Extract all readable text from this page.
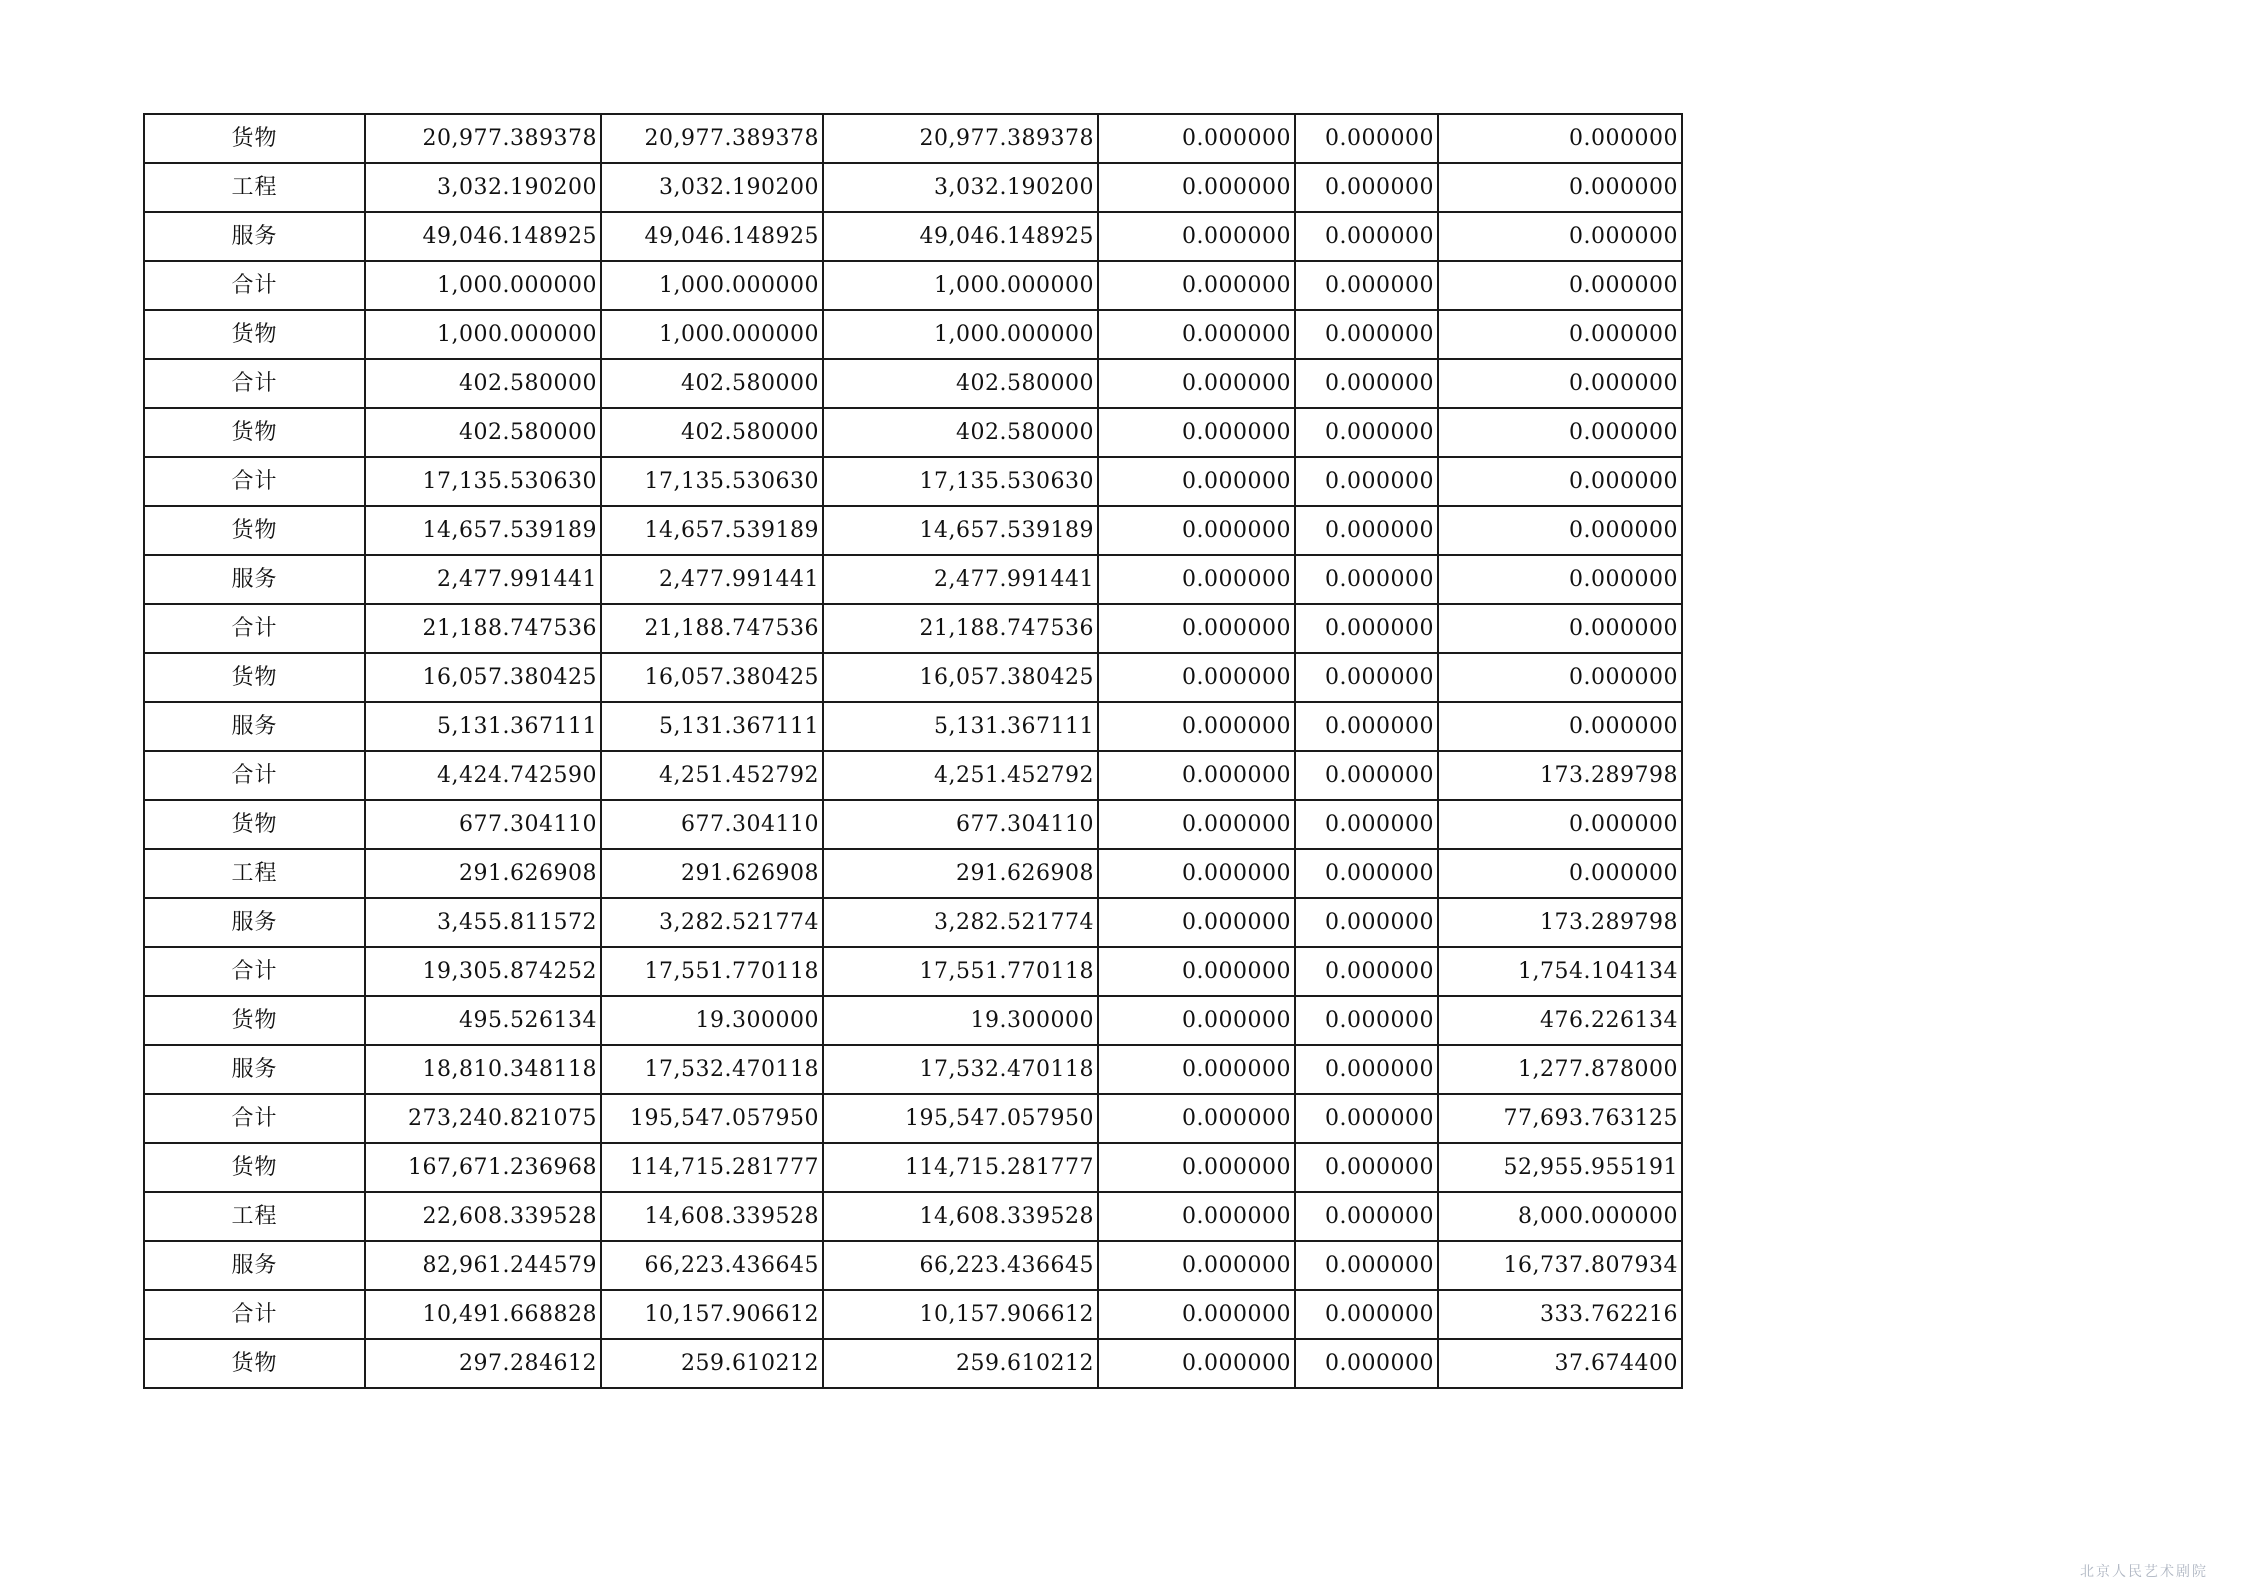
货物	20,977.389378	20,977.389378	20,977.389378	0.000000	0.000000	0.000000
工程	3,032.190200	3,032.190200	3,032.190200	0.000000	0.000000	0.000000
服务	49,046.148925	49,046.148925	49,046.148925	0.000000	0.000000	0.000000
合计	1,000.000000	1,000.000000	1,000.000000	0.000000	0.000000	0.000000
货物	1,000.000000	1,000.000000	1,000.000000	0.000000	0.000000	0.000000
合计	402.580000	402.580000	402.580000	0.000000	0.000000	0.000000
货物	402.580000	402.580000	402.580000	0.000000	0.000000	0.000000
合计	17,135.530630	17,135.530630	17,135.530630	0.000000	0.000000	0.000000
货物	14,657.539189	14,657.539189	14,657.539189	0.000000	0.000000	0.000000
服务	2,477.991441	2,477.991441	2,477.991441	0.000000	0.000000	0.000000
合计	21,188.747536	21,188.747536	21,188.747536	0.000000	0.000000	0.000000
货物	16,057.380425	16,057.380425	16,057.380425	0.000000	0.000000	0.000000
服务	5,131.367111	5,131.367111	5,131.367111	0.000000	0.000000	0.000000
合计	4,424.742590	4,251.452792	4,251.452792	0.000000	0.000000	173.289798
货物	677.304110	677.304110	677.304110	0.000000	0.000000	0.000000
工程	291.626908	291.626908	291.626908	0.000000	0.000000	0.000000
服务	3,455.811572	3,282.521774	3,282.521774	0.000000	0.000000	173.289798
合计	19,305.874252	17,551.770118	17,551.770118	0.000000	0.000000	1,754.104134
货物	495.526134	19.300000	19.300000	0.000000	0.000000	476.226134
服务	18,810.348118	17,532.470118	17,532.470118	0.000000	0.000000	1,277.878000
合计	273,240.821075	195,547.057950	195,547.057950	0.000000	0.000000	77,693.763125
货物	167,671.236968	114,715.281777	114,715.281777	0.000000	0.000000	52,955.955191
工程	22,608.339528	14,608.339528	14,608.339528	0.000000	0.000000	8,000.000000
服务	82,961.244579	66,223.436645	66,223.436645	0.000000	0.000000	16,737.807934
合计	10,491.668828	10,157.906612	10,157.906612	0.000000	0.000000	333.762216
货物	297.284612	259.610212	259.610212	0.000000	0.000000	37.674400
北京人民艺术剧院
